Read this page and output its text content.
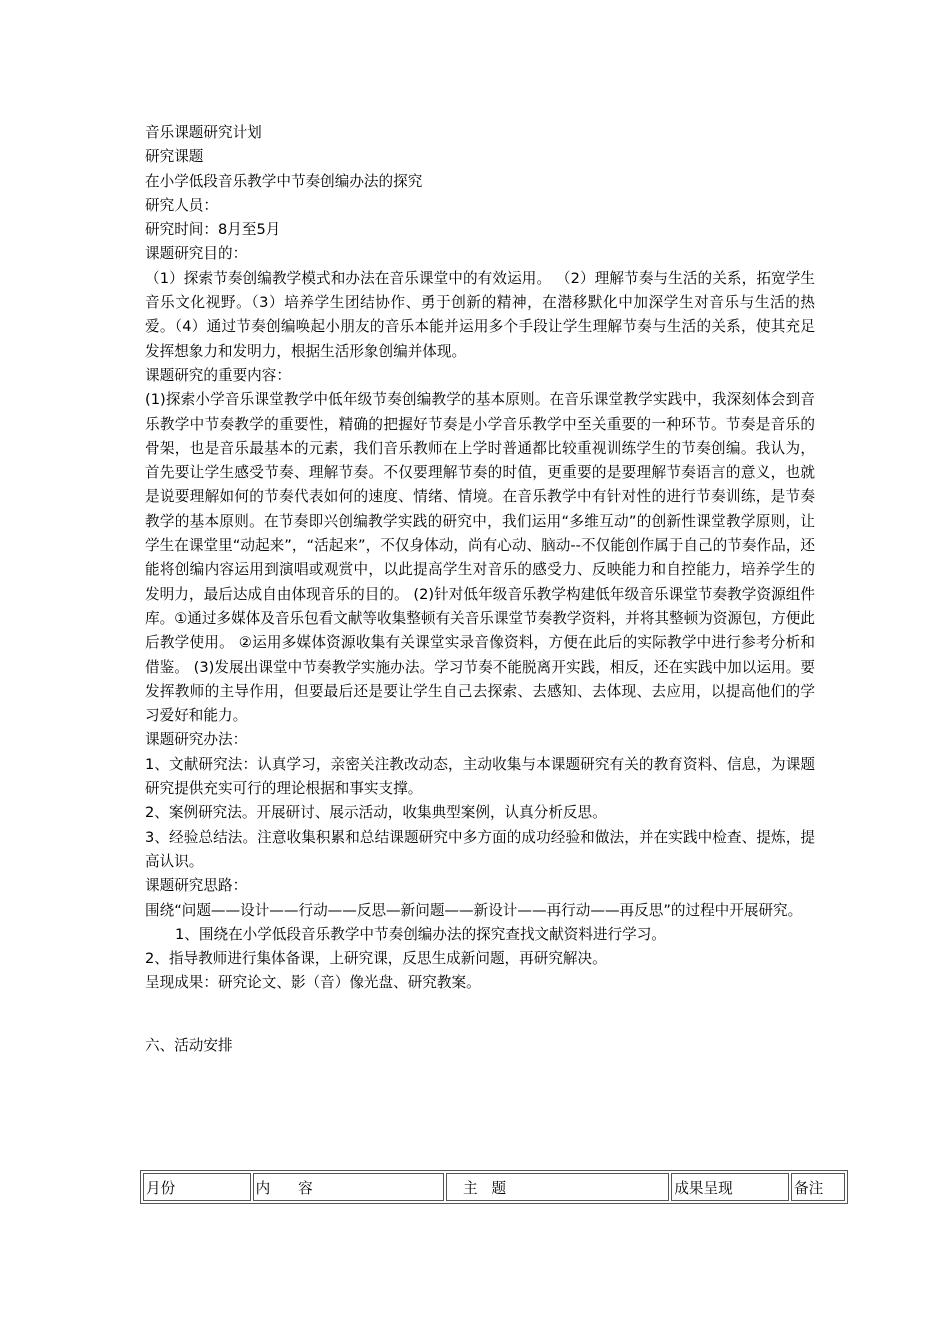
音乐课题研究计划
研究课题
在小学低段音乐教学中节奏创编办法的探究
研究人员：
研究时间：8月至5月
课题研究目的：
（1）探索节奏创编教学模式和办法在音乐课堂中的有效运用。 （2）理解节奏与生活的关系，拓宽学生音乐文化视野。（3）培养学生团结协作、勇于创新的精神，在潜移默化中加深学生对音乐与生活的热爱。（4）通过节奏创编唤起小朋友的音乐本能并运用多个手段让学生理解节奏与生活的关系，使其充足发挥想象力和发明力，根据生活形象创编并体现。
课题研究的重要内容：
(1)探索小学音乐课堂教学中低年级节奏创编教学的基本原则。在音乐课堂教学实践中，我深刻体会到音乐教学中节奏教学的重要性，精确的把握好节奏是小学音乐教学中至关重要的一种环节。节奏是音乐的骨架，也是音乐最基本的元素，我们音乐教师在上学时普通都比较重视训练学生的节奏创编。我认为，首先要让学生感受节奏、理解节奏。不仅要理解节奏的时值，更重要的是要理解节奏语言的意义，也就是说要理解如何的节奏代表如何的速度、情绪、情境。在音乐教学中有针对性的进行节奏训练，是节奏教学的基本原则。在节奏即兴创编教学实践的研究中，我们运用“多维互动”的创新性课堂教学原则，让学生在课堂里“动起来”，“活起来”，不仅身体动，尚有心动、脑动--不仅能创作属于自己的节奏作品，还能将创编内容运用到演唱或观赏中，以此提高学生对音乐的感受力、反映能力和自控能力，培养学生的发明力，最后达成自由体现音乐的目的。 (2)针对低年级音乐教学构建低年级音乐课堂节奏教学资源组件库。①通过多媒体及音乐包看文献等收集整顿有关音乐课堂节奏教学资料，并将其整顿为资源包，方便此后教学使用。 ②运用多媒体资源收集有关课堂实录音像资料，方便在此后的实际教学中进行参考分析和借鉴。 (3)发展出课堂中节奏教学实施办法。学习节奏不能脱离开实践，相反，还在实践中加以运用。要发挥教师的主导作用，但要最后还是要让学生自己去探索、去感知、去体现、去应用，以提高他们的学习爱好和能力。
课题研究办法：
1、文献研究法：认真学习，亲密关注教改动态，主动收集与本课题研究有关的教育资料、信息，为课题研究提供充实可行的理论根据和事实支撑。
2、案例研究法。开展研讨、展示活动，收集典型案例，认真分析反思。
3、经验总结法。注意收集积累和总结课题研究中多方面的成功经验和做法，并在实践中检查、提炼，提高认识。
课题研究思路：
围绕“问题——设计——行动——反思—新问题——新设计——再行动——再反思”的过程中开展研究。
1、围绕在小学低段音乐教学中节奏创编办法的探究查找文献资料进行学习。
2、指导教师进行集体备课，上研究课，反思生成新问题，再研究解决。
呈现成果：研究论文、影（音）像光盘、研究教案。
六、活动安排
月份	内      容	主   题	成果呈现	备注
